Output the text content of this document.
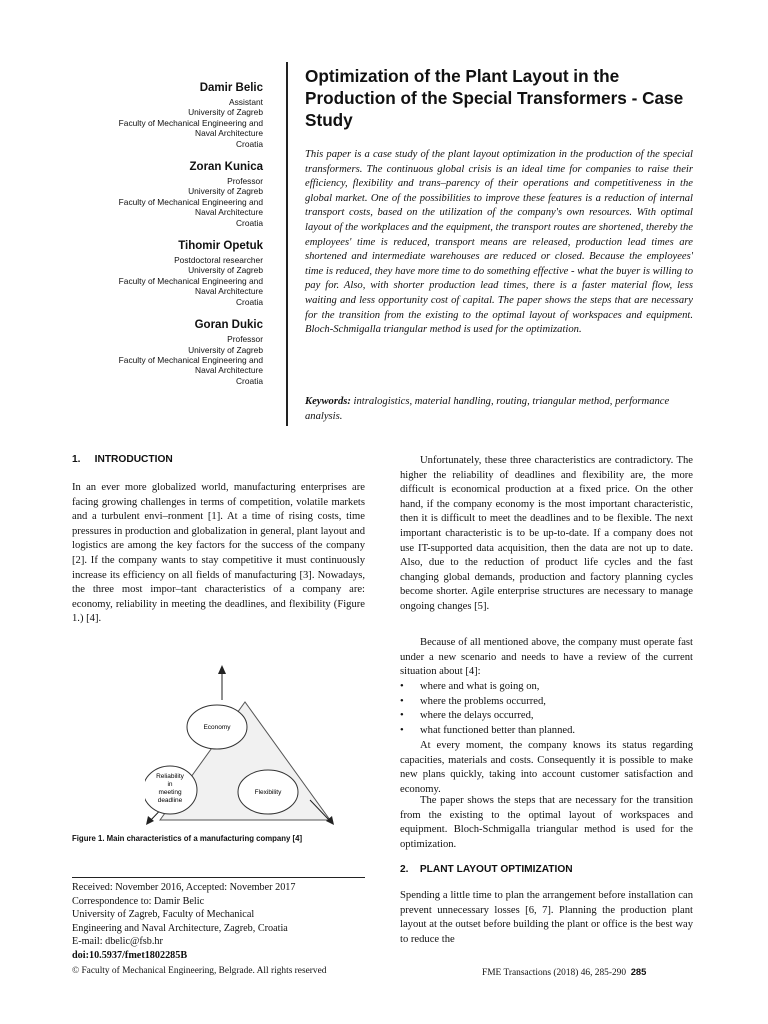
Damir Belic
Assistant
University of Zagreb
Faculty of Mechanical Engineering and
Naval Architecture
Croatia
Zoran Kunica
Professor
University of Zagreb
Faculty of Mechanical Engineering and
Naval Architecture
Croatia
Tihomir Opetuk
Postdoctoral researcher
University of Zagreb
Faculty of Mechanical Engineering and
Naval Architecture
Croatia
Goran Dukic
Professor
University of Zagreb
Faculty of Mechanical Engineering and
Naval Architecture
Croatia
Optimization of the Plant Layout in the Production of the Special Transformers - Case Study

This paper is a case study of the plant layout optimization in the production of the special transformers. The continuous global crisis is an ideal time for companies to raise their efficiency, flexibility and trans–parency of their operations and competitiveness in the global market. One of the possibilities to improve these features is a reduction of internal transport costs, based on the utilization of the company's own resources. With optimal layout of the workplaces and the equipment, the transport routes are shortened, thereby the employees' time is reduced, transport means are released, production lead times are shortened and intermediate warehouses are reduced or closed. Because the employees' time is reduced, they have more time to do something effective - what the buyer is willing to pay for. Also, with shorter production lead times, there is a faster material flow, less waiting and less opportunity cost of capital. The paper shows the steps that are necessary for the transition from the existing to the optimal layout of workspaces and equipment. Bloch-Schmigalla triangular method is used for the optimization.

Keywords: intralogistics, material handling, routing, triangular method, performance analysis.

1.     INTRODUCTION

In an ever more globalized world, manufacturing enterprises are facing growing challenges in terms of competition, volatile markets and a turbulent envi–ronment [1]. At a time of rising costs, time pressures in production and globalization in general, plant layout and logistics are among the key factors for the success of the company [2]. If the company wants to stay competitive it must continuously increase its efficiency on all fields of manufacturing [3]. Nowadays, the three most impor–tant characteristics of a company are: economy, reliability in meeting the deadlines, and flexibility (Figure 1.) [4].

Economy
Reliability
in
meeting
deadline
Flexibility

Figure 1. Main characteristics of a manufacturing company [4]

Received: November 2016, Accepted: November 2017
Correspondence to: Damir Belic
University of Zagreb, Faculty of Mechanical
Engineering and Naval Architecture, Zagreb, Croatia
E-mail: dbelic@fsb.hr
doi:10.5937/fmet1802285B
© Faculty of Mechanical Engineering, Belgrade. All rights reserved

Unfortunately, these three characteristics are contradictory. The higher the reliability of deadlines and flexibility are, the more difficult is economical production at a fixed price. On the other hand, if the company economy is the most important characteristic, then it is difficult to meet the deadlines and to be flexible. The next important characteristic is to be up-to-date. If a company does not use IT-supported data acquisition, then the data are not up to date. Also, due to the reduction of product life cycles and the fast changing global demands, production and factory planning cycles become shorter. Agile enterprise structures are necessary to manage ongoing changes [5].

Because of all mentioned above, the company must operate fast under a new scenario and needs to have a review of the current situation about [4]:

• where and what is going on,
• where the problems occurred,
• where the delays occurred,
• what functioned better than planned.

At every moment, the company knows its status regarding capacities, materials and costs. Consequently it is possible to make new plans quickly, taking into account customer satisfaction and economy.

The paper shows the steps that are necessary for the transition from the existing to the optimal layout of workspaces and equipment. Bloch-Schmigalla triangular method is used for the optimization.

2.    PLANT LAYOUT OPTIMIZATION

Spending a little time to plan the arrangement before installation can prevent unnecessary losses [6, 7]. Planning the production plant layout at the outset before building the plant or office is the best way to reduce the

FME Transactions (2018) 46, 285-290 285
